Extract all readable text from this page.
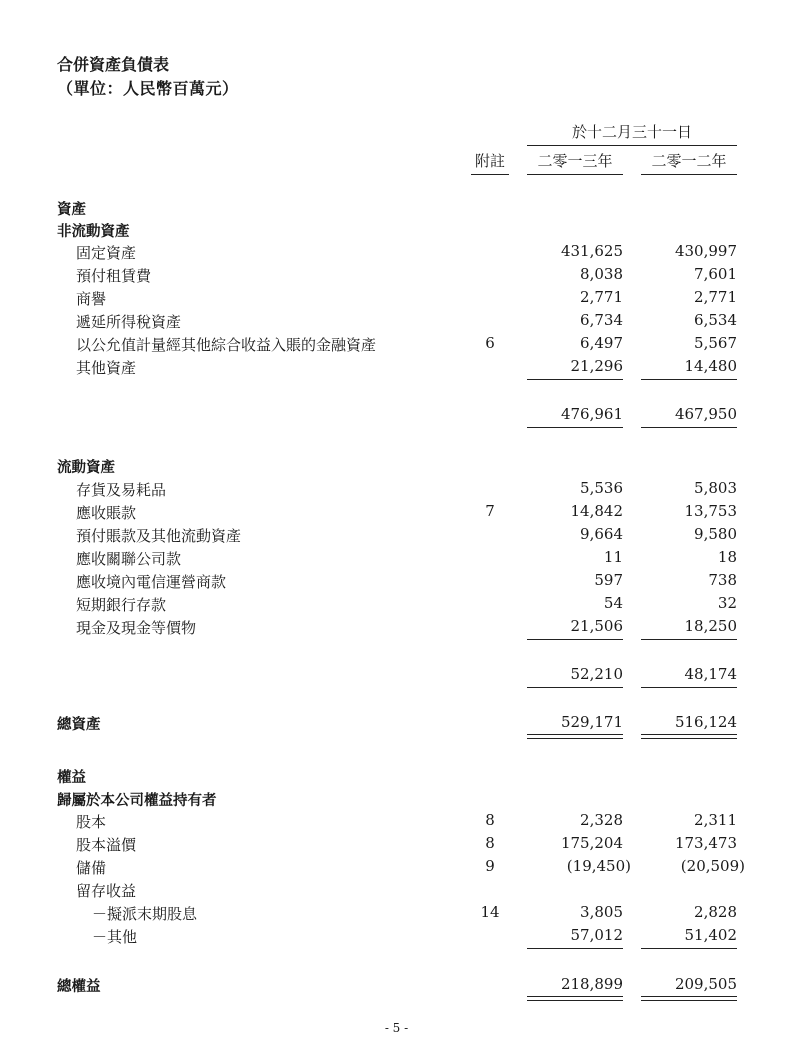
合併資產負債表
（單位：人民幣百萬元）
於十二月三十一日
附註	二零一三年	二零一二年
資產
非流動資產
固定資產	431,625	430,997
預付租賃費	8,038	7,601
商譽	2,771	2,771
遞延所得稅資產	6,734	6,534
以公允值計量經其他綜合收益入賬的金融資產	6	6,497	5,567
其他資產	21,296	14,480
476,961	467,950
流動資產
存貨及易耗品	5,536	5,803
應收賬款	7	14,842	13,753
預付賬款及其他流動資產	9,664	9,580
應收關聯公司款	11	18
應收境內電信運營商款	597	738
短期銀行存款	54	32
現金及現金等價物	21,506	18,250
52,210	48,174
總資產	529,171	516,124
權益
歸屬於本公司權益持有者
股本	8	2,328	2,311
股本溢價	8	175,204	173,473
儲備	9	(19,450)	(20,509)
留存收益
－擬派末期股息	14	3,805	2,828
－其他	57,012	51,402
總權益	218,899	209,505
- 5 -
